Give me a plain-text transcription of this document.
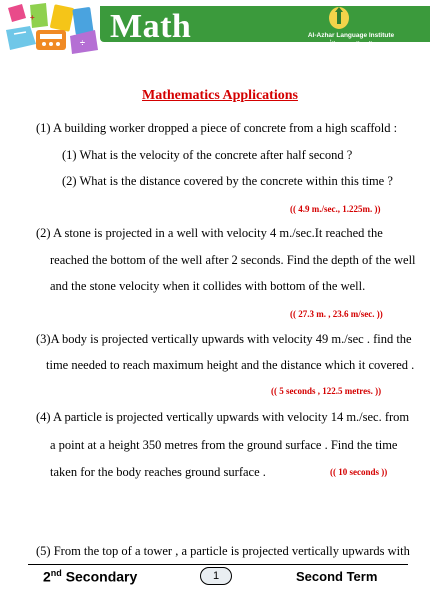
+
÷ Math	Al-Azhar Language Institute
معهد الغد المشرق الأزهري
Mathematics Applications
(1) A building worker dropped a piece of concrete from a high scaffold :
(1) What is the velocity of the concrete after half second ?
(2) What is the distance covered by the concrete within this time ?
(( 4.9 m./sec., 1.225m. ))
(2) A stone is projected in a well with velocity 4 m./sec.It reached the
reached the bottom of the well after 2 seconds. Find the depth of the well
and the stone velocity when it collides with bottom of the well.
(( 27.3 m. , 23.6 m/sec. ))
(3)A body is projected vertically upwards with velocity 49 m./sec . find the
time needed to reach maximum height and the distance which it covered .
(( 5 seconds , 122.5 metres. ))
(4) A particle is projected vertically upwards with velocity 14 m./sec. from
a point at a height 350 metres from the ground surface . Find the time
taken for the body reaches ground surface .	(( 10 seconds ))
(5) From the top of a tower , a particle is projected vertically upwards with
2nd Secondary	1	Second Term
